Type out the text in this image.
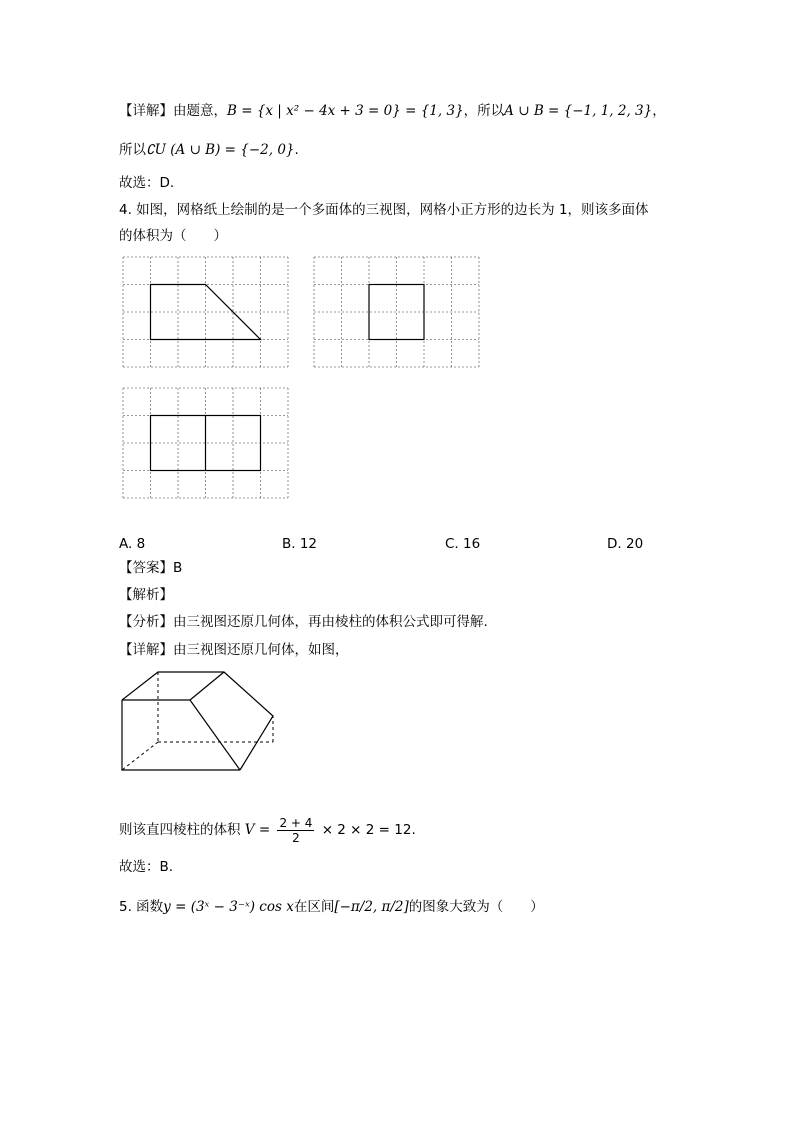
【详解】由题意，B = {x | x² − 4x + 3 = 0} = {1, 3}，所以A ∪ B = {−1, 1, 2, 3}，
所以∁U (A ∪ B) = {−2, 0}.
故选：D.
4. 如图，网格纸上绘制的是一个多面体的三视图，网格小正方形的边长为 1，则该多面体
的体积为（　　）
A. 8	B. 12	C. 16	D. 20
【答案】B
【解析】
【分析】由三视图还原几何体，再由棱柱的体积公式即可得解.
【详解】由三视图还原几何体，如图，
则该直四棱柱的体积 $V = \frac{2 + 4}{2} \times 2 \times 2 = 12$.
故选：B.
5. 函数y = (3ˣ − 3⁻ˣ) cos x在区间[−π/2, π/2]的图象大致为（　　）
